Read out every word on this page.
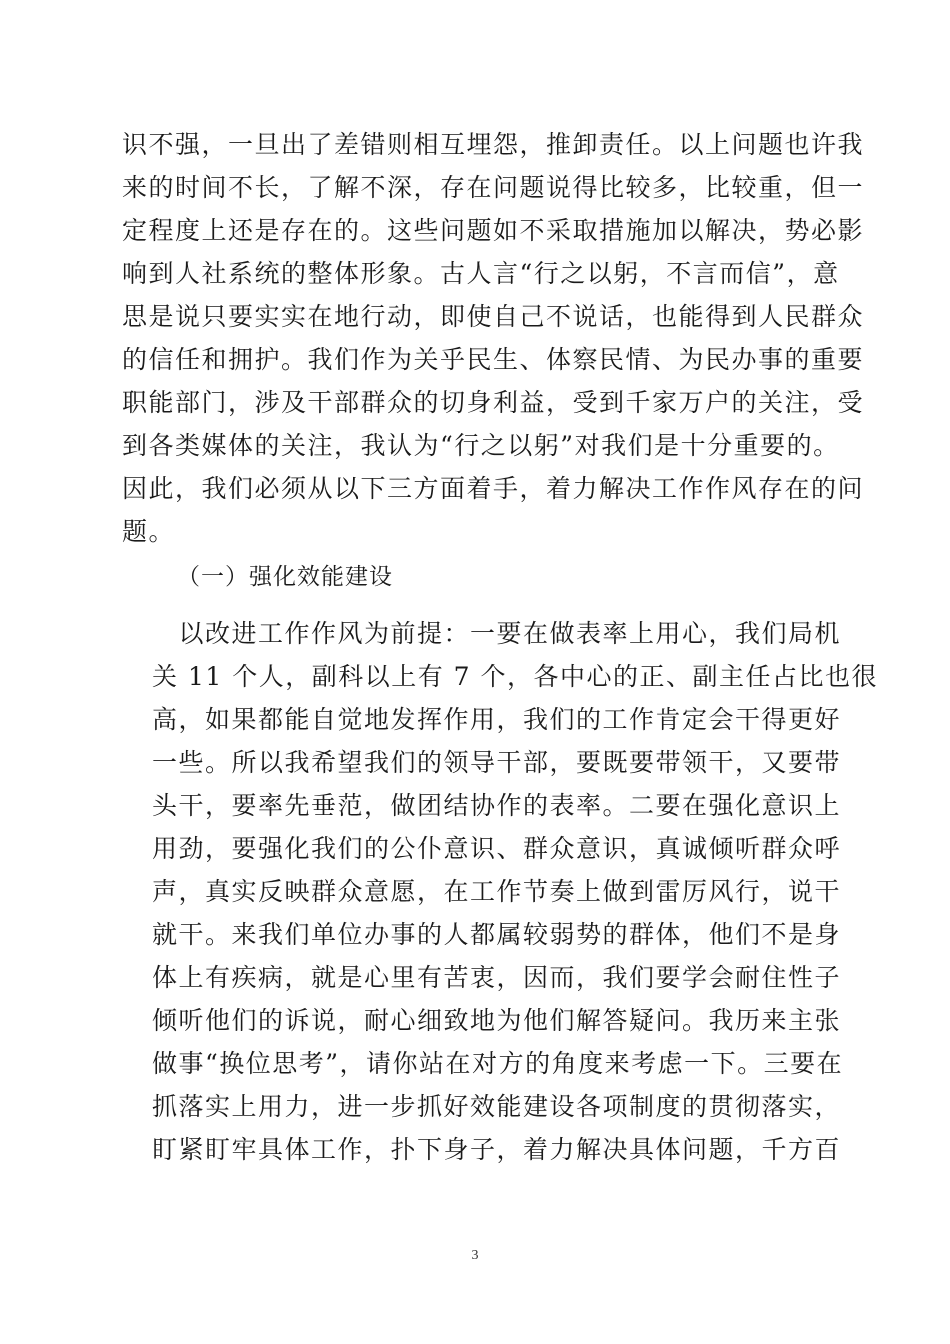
识不强，一旦出了差错则相互埋怨，推卸责任。以上问题也许我
来的时间不长，了解不深，存在问题说得比较多，比较重，但一
定程度上还是存在的。这些问题如不采取措施加以解决，势必影
响到人社系统的整体形象。古人言“行之以躬，不言而信”，意
思是说只要实实在地行动，即使自己不说话，也能得到人民群众
的信任和拥护。我们作为关乎民生、体察民情、为民办事的重要
职能部门，涉及干部群众的切身利益，受到千家万户的关注，受
到各类媒体的关注，我认为“行之以躬”对我们是十分重要的。
因此，我们必须从以下三方面着手，着力解决工作作风存在的问
题。
（一）强化效能建设
　以改进工作作风为前提：一要在做表率上用心，我们局机
关 11 个人，副科以上有 7 个，各中心的正、副主任占比也很
高，如果都能自觉地发挥作用，我们的工作肯定会干得更好
一些。所以我希望我们的领导干部，要既要带领干，又要带
头干，要率先垂范，做团结协作的表率。二要在强化意识上
用劲，要强化我们的公仆意识、群众意识，真诚倾听群众呼
声，真实反映群众意愿，在工作节奏上做到雷厉风行，说干
就干。来我们单位办事的人都属较弱势的群体，他们不是身
体上有疾病，就是心里有苦衷，因而，我们要学会耐住性子
倾听他们的诉说，耐心细致地为他们解答疑问。我历来主张
做事“换位思考”，请你站在对方的角度来考虑一下。三要在
抓落实上用力，进一步抓好效能建设各项制度的贯彻落实，
盯紧盯牢具体工作，扑下身子，着力解决具体问题，千方百
3
